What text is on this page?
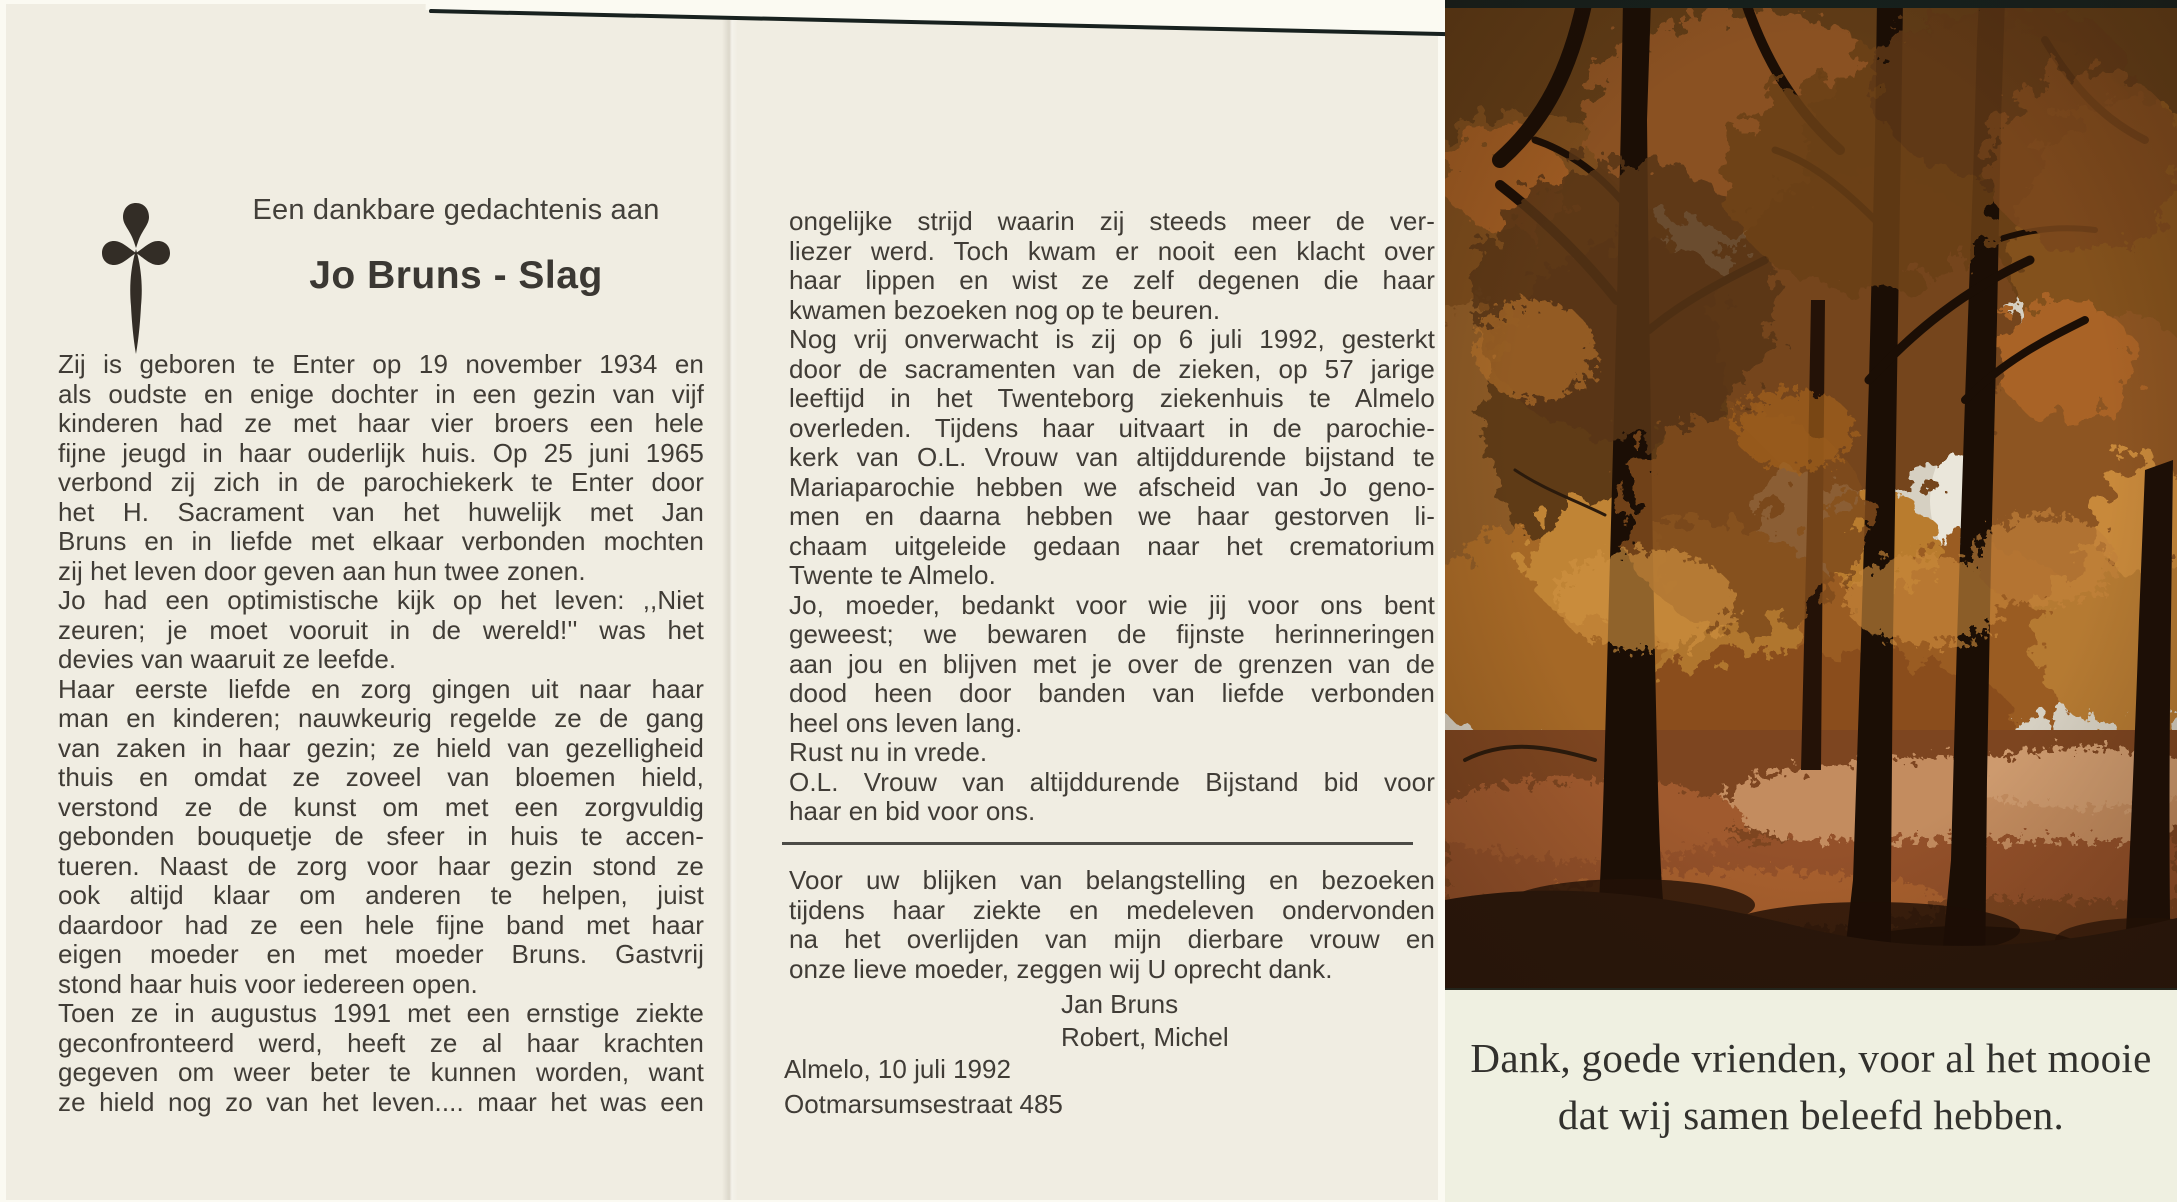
Een dankbare gedachtenis aan
Jo Bruns - Slag
Zij is geboren te Enter op 19 november 1934 en
als oudste en enige dochter in een gezin van vijf
kinderen had ze met haar vier broers een hele
fijne jeugd in haar ouderlijk huis. Op 25 juni 1965
verbond zij zich in de parochiekerk te Enter door
het H. Sacrament van het huwelijk met Jan
Bruns en in liefde met elkaar verbonden mochten
zij het leven door geven aan hun twee zonen.
Jo had een optimistische kijk op het leven: ,,Niet
zeuren; je moet vooruit in de wereld!'' was het
devies van waaruit ze leefde.
Haar eerste liefde en zorg gingen uit naar haar
man en kinderen; nauwkeurig regelde ze de gang
van zaken in haar gezin; ze hield van gezelligheid
thuis en omdat ze zoveel van bloemen hield,
verstond ze de kunst om met een zorgvuldig
gebonden bouquetje de sfeer in huis te accen-
tueren. Naast de zorg voor haar gezin stond ze
ook altijd klaar om anderen te helpen, juist
daardoor had ze een hele fijne band met haar
eigen moeder en met moeder Bruns. Gastvrij
stond haar huis voor iedereen open.
Toen ze in augustus 1991 met een ernstige ziekte
geconfronteerd werd, heeft ze al haar krachten
gegeven om weer beter te kunnen worden, want
ze hield nog zo van het leven.... maar het was een
ongelijke strijd waarin zij steeds meer de ver-
liezer werd. Toch kwam er nooit een klacht over
haar lippen en wist ze zelf degenen die haar
kwamen bezoeken nog op te beuren.
Nog vrij onverwacht is zij op 6 juli 1992, gesterkt
door de sacramenten van de zieken, op 57 jarige
leeftijd in het Twenteborg ziekenhuis te Almelo
overleden. Tijdens haar uitvaart in de parochie-
kerk van O.L. Vrouw van altijddurende bijstand te
Mariaparochie hebben we afscheid van Jo geno-
men en daarna hebben we haar gestorven li-
chaam uitgeleide gedaan naar het crematorium
Twente te Almelo.
Jo, moeder, bedankt voor wie jij voor ons bent
geweest; we bewaren de fijnste herinneringen
aan jou en blijven met je over de grenzen van de
dood heen door banden van liefde verbonden
heel ons leven lang.
Rust nu in vrede.
O.L. Vrouw van altijddurende Bijstand bid voor
haar en bid voor ons.
Voor uw blijken van belangstelling en bezoeken
tijdens haar ziekte en medeleven ondervonden
na het overlijden van mijn dierbare vrouw en
onze lieve moeder, zeggen wij U oprecht dank.
Jan Bruns
Robert, Michel
Almelo, 10 juli 1992
Ootmarsumsestraat 485
Dank, goede vrienden, voor al het mooie
dat wij samen beleefd hebben.
